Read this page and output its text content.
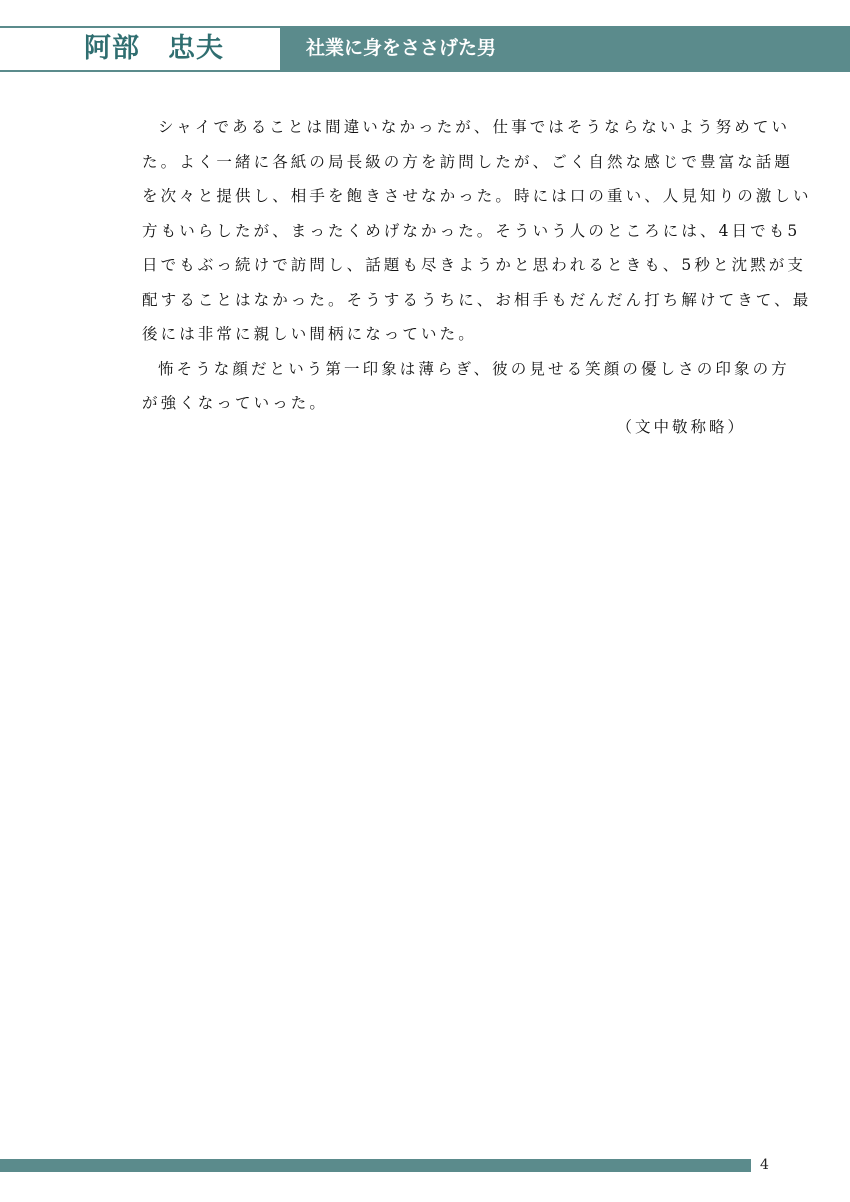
阿部　忠夫	社業に身をささげた男
シャイであることは間違いなかったが、仕事ではそうならないよう努めてい
た。よく一緒に各紙の局長級の方を訪問したが、ごく自然な感じで豊富な話題
を次々と提供し、相手を飽きさせなかった。時には口の重い、人見知りの激しい
方もいらしたが、まったくめげなかった。そういう人のところには、4日でも5
日でもぶっ続けで訪問し、話題も尽きようかと思われるときも、5秒と沈黙が支
配することはなかった。そうするうちに、お相手もだんだん打ち解けてきて、最
後には非常に親しい間柄になっていた。
怖そうな顔だという第一印象は薄らぎ、彼の見せる笑顔の優しさの印象の方
が強くなっていった。
（文中敬称略）
4
